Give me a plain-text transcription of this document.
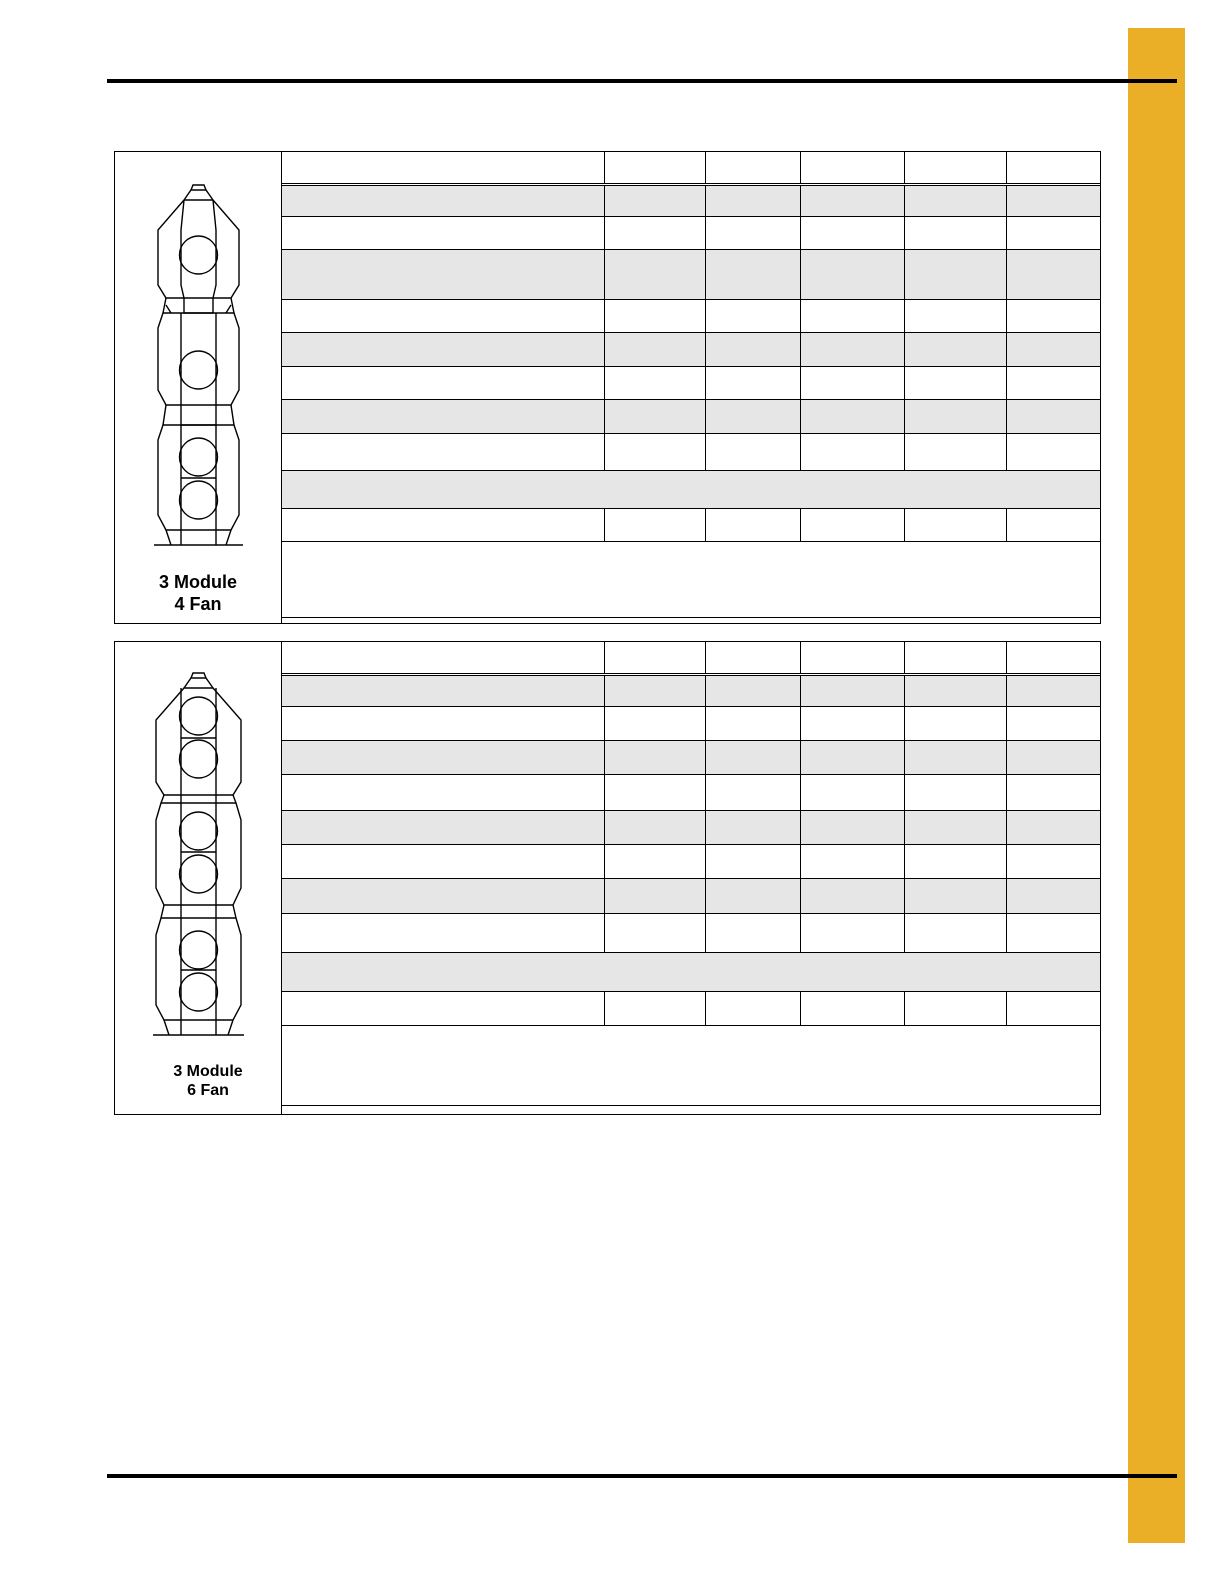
3 Module
4 Fan

3 Module
6 Fan
